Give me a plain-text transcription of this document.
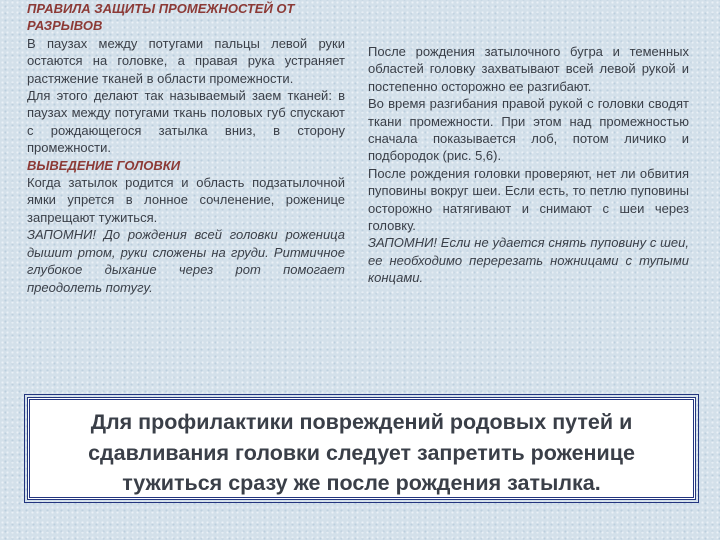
ПРАВИЛА ЗАЩИТЫ ПРОМЕЖНОСТЕЙ ОТ РАЗРЫВОВ

В паузах между потугами пальцы левой руки остаются на головке, а правая рука устраняет растяжение тканей в области промежности.

Для этого делают так называемый заем тканей: в паузах между потугами ткань половых губ спускают с рождающегося затылка вниз, в сторону промежности.

ВЫВЕДЕНИЕ ГОЛОВКИ

Когда затылок родится и область подзатылочной ямки упрется в лонное сочленение, роженице запрещают тужиться.

ЗАПОМНИ! До рождения всей головки роженица дышит ртом, руки сложены на груди. Ритмичное глубокое дыхание через рот помогает преодолеть потугу.

После рождения затылочного бугра и теменных областей головку захватывают всей левой рукой и постепенно осторожно ее разгибают.

Во время разгибания правой рукой с головки сводят ткани промежности. При этом над промежностью сначала показывается лоб, потом личико и подбородок (рис. 5,6).

После рождения головки проверяют, нет ли обвития пуповины вокруг шеи. Если есть, то петлю пуповины осторожно натягивают и снимают с шеи через головку.

ЗАПОМНИ! Если не удается снять пуповину с шеи, ее необходимо перерезать ножницами с тупыми концами.

Для профилактики повреждений родовых путей и сдавливания головки следует запретить роженице тужиться сразу же после рождения затылка.
